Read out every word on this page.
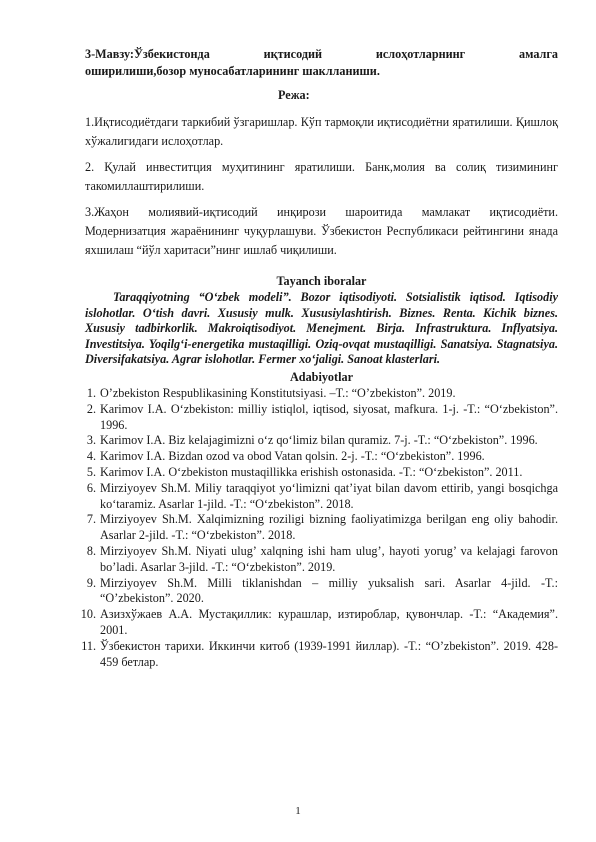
3-Мавзу:Ўзбекистонда иқтисодий ислоҳотларнинг амалга
оширилиши,бозор муносабатларининг шаклланиши.

Режа:

1.Иқтисодиётдаги таркибий ўзгаришлар. Кўп тармоқли иқтисодиётни яратилиши. Қишлоқ хўжалигидаги ислоҳотлар.

2. Қулай инвеститция муҳитининг яратилиши. Банк,молия ва солиқ тизимининг такомиллаштирилиши.

3.Жаҳон молиявий-иқтисодий инқирози шароитида мамлакат иқтисодиёти. Модернизатция жараёнининг чуқурлашуви. Ўзбекистон Республикаси рейтингини янада яхшилаш “йўл харитаси”нинг ишлаб чиқилиши.

Tayanch iboralar

Taraqqiyotning “O‘zbek modeli”. Bozor iqtisodiyoti. Sotsialistik iqtisod. Iqtisodiy islohotlar. O‘tish davri. Xususiy mulk. Xususiylashtirish. Biznes. Renta. Kichik biznes. Xususiy tadbirkorlik. Makroiqtisodiyot. Menejment. Birja. Infrastruktura. Inflyatsiya. Investitsiya. Yoqilg‘i-energetika mustaqilligi. Oziq-ovqat mustaqilligi. Sanatsiya. Stagnatsiya. Diversifakatsiya. Agrar islohotlar. Fermer xo‘jaligi. Sanoat klasterlari.

Adabiyotlar

1. O’zbekiston Respublikasining Konstitutsiyasi. –T.: “O’zbekiston”. 2019.
2. Karimov I.A. O‘zbekiston: milliy istiqlol, iqtisod, siyosat, mafkura. 1-j. -T.: “O‘zbekiston”. 1996.
3. Karimov I.A. Biz kelajagimizni o‘z qo‘limiz bilan quramiz. 7-j. -T.: “O‘zbekiston”. 1996.
4. Karimov I.A. Bizdan ozod va obod Vatan qolsin. 2-j. -T.: “O‘zbekiston”. 1996.
5. Karimov I.A. O‘zbekiston mustaqillikka erishish ostonasida. -T.: “O‘zbekiston”. 2011.
6. Mirziyoyev Sh.M. Miliy taraqqiyot yo‘limizni qat’iyat bilan davom ettirib, yangi bosqichga ko‘taramiz. Asarlar 1-jild. -T.: “O‘zbekiston”. 2018.
7. Mirziyoyev Sh.M. Xalqimizning roziligi bizning faoliyatimizga berilgan eng oliy bahodir. Asarlar 2-jild. -T.: “O‘zbekiston”. 2018.
8. Mirziyoyev Sh.M. Niyati ulug’ xalqning ishi ham ulug’, hayoti yorug’ va kelajagi farovon bo’ladi. Asarlar 3-jild. -T.: “O‘zbekiston”. 2019.
9. Mirziyoyev Sh.M. Milli tiklanishdan – milliy yuksalish sari. Asarlar 4-jild. -T.: “O’zbekiston”. 2020.
10. Азизхўжаев А.А. Мустақиллик: курашлар, изтироблар, қувончлар. -T.: “Академия”. 2001.
11. Ўзбекистон тарихи. Иккинчи китоб (1939-1991 йиллар). -T.: “O’zbekiston”. 2019. 428-459 бетлар.
1
